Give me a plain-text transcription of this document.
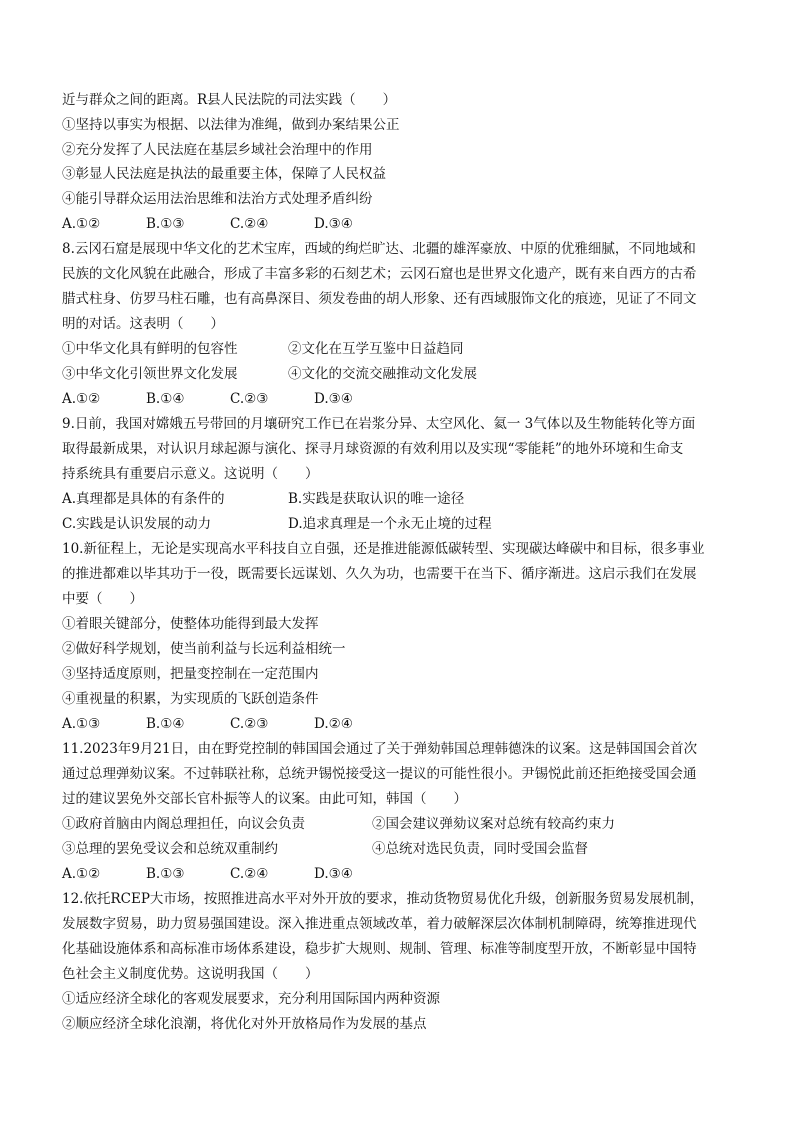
近与群众之间的距离。R县人民法院的司法实践（　　）
①坚持以事实为根据、以法律为准绳，做到办案结果公正
②充分发挥了人民法庭在基层乡域社会治理中的作用
③彰显人民法庭是执法的最重要主体，保障了人民权益
④能引导群众运用法治思维和法治方式处理矛盾纠纷
A.①②	B.①③	C.②④	D.③④
8.云冈石窟是展现中华文化的艺术宝库，西域的绚烂旷达、北疆的雄浑豪放、中原的优雅细腻，不同地域和
民族的文化风貌在此融合，形成了丰富多彩的石刻艺术；云冈石窟也是世界文化遗产，既有来自西方的古希
腊式柱身、仿罗马柱石雕，也有高鼻深目、须发卷曲的胡人形象、还有西域服饰文化的痕迹，见证了不同文
明的对话。这表明（　　）
①中华文化具有鲜明的包容性	②文化在互学互鉴中日益趋同
③中华文化引领世界文化发展	④文化的交流交融推动文化发展
A.①②	B.①④	C.②③	D.③④
9.日前，我国对嫦娥五号带回的月壤研究工作已在岩浆分异、太空风化、氦一 3气体以及生物能转化等方面
取得最新成果，对认识月球起源与演化、探寻月球资源的有效利用以及实现“零能耗”的地外环境和生命支
持系统具有重要启示意义。这说明（　　）
A.真理都是具体的有条件的	B.实践是获取认识的唯一途径
C.实践是认识发展的动力	D.追求真理是一个永无止境的过程
10.新征程上，无论是实现高水平科技自立自强，还是推进能源低碳转型、实现碳达峰碳中和目标，很多事业
的推进都难以毕其功于一役，既需要长远谋划、久久为功，也需要干在当下、循序渐进。这启示我们在发展
中要（　　）
①着眼关键部分，使整体功能得到最大发挥
②做好科学规划，使当前利益与长远利益相统一
③坚持适度原则，把量变控制在一定范围内
④重视量的积累，为实现质的飞跃创造条件
A.①③	B.①④	C.②③	D.②④
11.2023年9月21日，由在野党控制的韩国国会通过了关于弹劾韩国总理韩德洙的议案。这是韩国国会首次
通过总理弹劾议案。不过韩联社称，总统尹锡悦接受这一提议的可能性很小。尹锡悦此前还拒绝接受国会通
过的建议罢免外交部长官朴振等人的议案。由此可知，韩国（　　）
①政府首脑由内阁总理担任，向议会负责	②国会建议弹劾议案对总统有较高约束力
③总理的罢免受议会和总统双重制约	④总统对选民负责，同时受国会监督
A.①②	B.①③	C.②④	D.③④
12.依托RCEP大市场，按照推进高水平对外开放的要求，推动货物贸易优化升级，创新服务贸易发展机制，
发展数字贸易，助力贸易强国建设。深入推进重点领域改革，着力破解深层次体制机制障碍，统筹推进现代
化基础设施体系和高标准市场体系建设，稳步扩大规则、规制、管理、标准等制度型开放，不断彰显中国特
色社会主义制度优势。这说明我国（　　）
①适应经济全球化的客观发展要求，充分利用国际国内两种资源
②顺应经济全球化浪潮，将优化对外开放格局作为发展的基点
